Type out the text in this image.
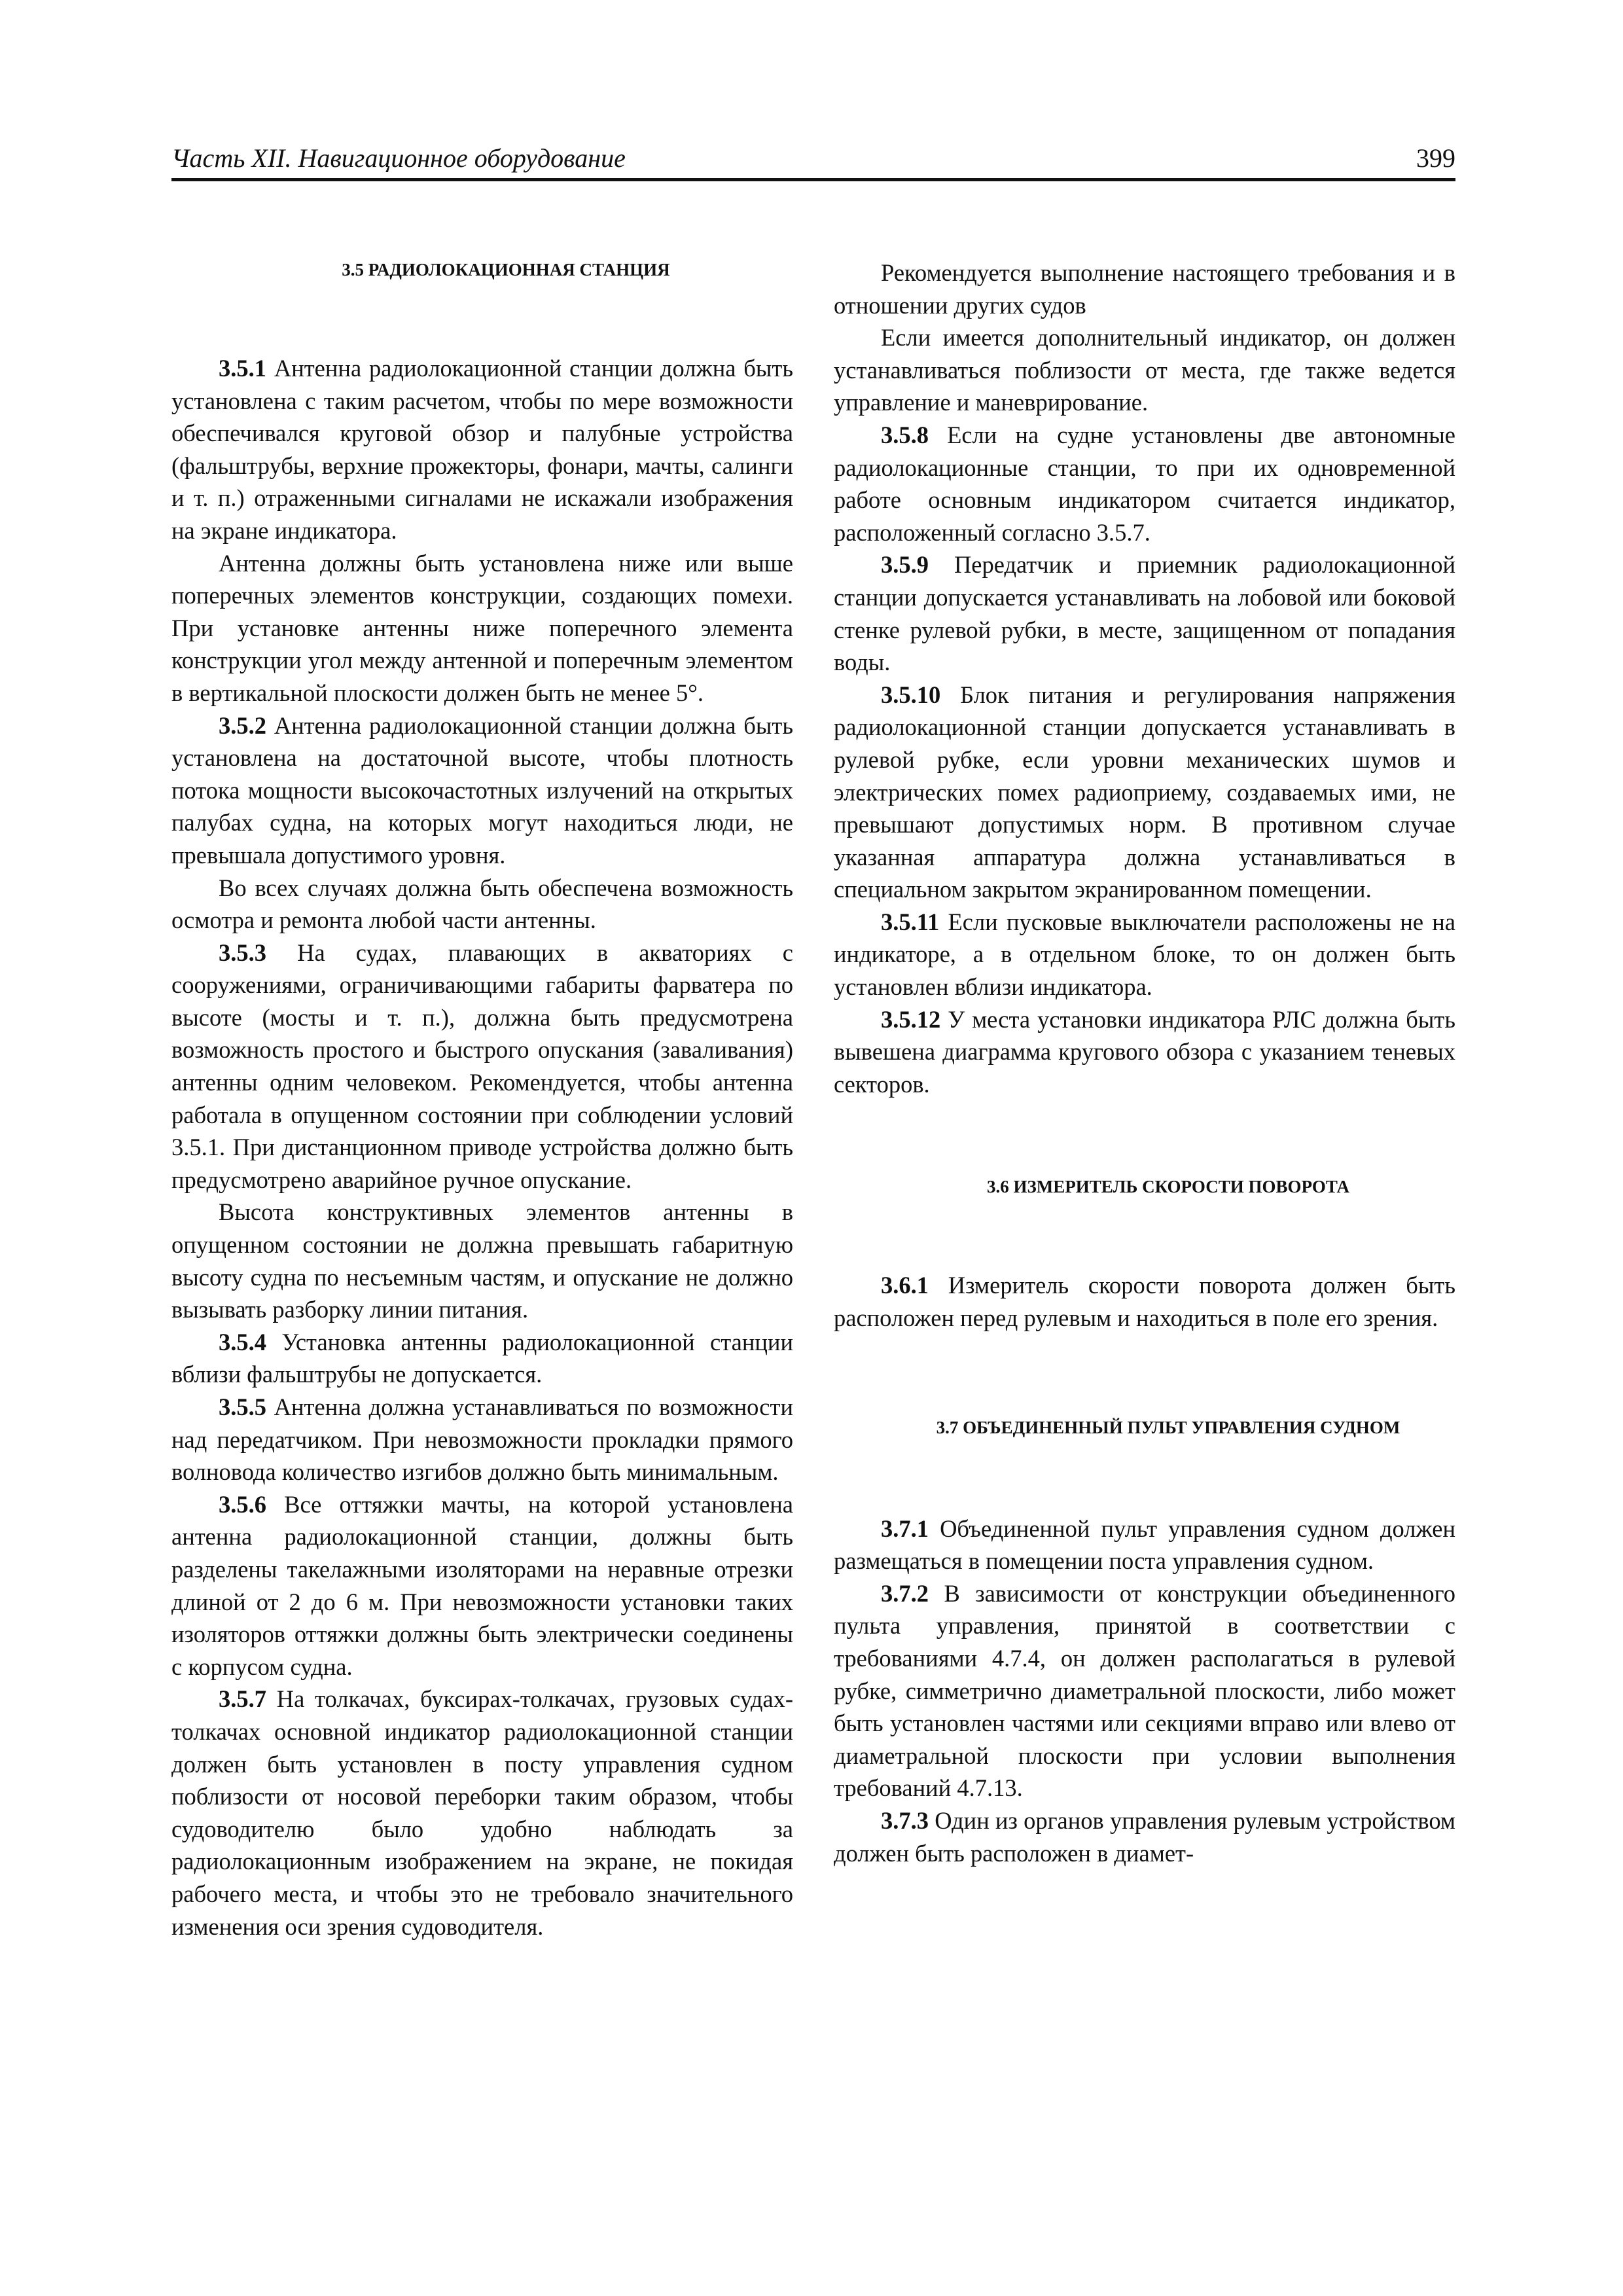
Часть XII. Навигационное оборудование	399

3.5 РАДИОЛОКАЦИОННАЯ СТАНЦИЯ

3.5.1 Антенна радиолокационной станции должна быть установлена с таким расчетом, чтобы по мере возможности обеспечивался круговой обзор и палубные устройства (фальштрубы, верхние прожекторы, фонари, мачты, салинги и т. п.) отраженными сигналами не искажали изображения на экране индикатора.

Антенна должны быть установлена ниже или выше поперечных элементов конструкции, создающих помехи. При установке антенны ниже поперечного элемента конструкции угол между антенной и поперечным элементом в вертикальной плоскости должен быть не менее 5°.

3.5.2 Антенна радиолокационной станции должна быть установлена на достаточной высоте, чтобы плотность потока мощности высокочастотных излучений на открытых палубах судна, на которых могут находиться люди, не превышала допустимого уровня.

Во всех случаях должна быть обеспечена возможность осмотра и ремонта любой части антенны.

3.5.3 На судах, плавающих в акваториях с сооружениями, ограничивающими габариты фарватера по высоте (мосты и т. п.), должна быть предусмотрена возможность простого и быстрого опускания (заваливания) антенны одним человеком. Рекомендуется, чтобы антенна работала в опущенном состоянии при соблюдении условий 3.5.1. При дистанционном приводе устройства должно быть предусмотрено аварийное ручное опускание.

Высота конструктивных элементов антенны в опущенном состоянии не должна превышать габаритную высоту судна по несъемным частям, и опускание не должно вызывать разборку линии питания.

3.5.4 Установка антенны радиолокационной станции вблизи фальштрубы не допускается.

3.5.5 Антенна должна устанавливаться по возможности над передатчиком. При невозможности прокладки прямого волновода количество изгибов должно быть минимальным.

3.5.6 Все оттяжки мачты, на которой установлена антенна радиолокационной станции, должны быть разделены такелажными изоляторами на неравные отрезки длиной от 2 до 6 м. При невозможности установки таких изоляторов оттяжки должны быть электрически соединены с корпусом судна.

3.5.7 На толкачах, буксирах-толкачах, грузовых судах-толкачах основной индикатор радиолокационной станции должен быть установлен в посту управления судном поблизости от носовой переборки таким образом, чтобы судоводителю было удобно наблюдать за радиолокационным изображением на экране, не покидая рабочего места, и чтобы это не требовало значительного изменения оси зрения судоводителя.

Рекомендуется выполнение настоящего требования и в отношении других судов

Если имеется дополнительный индикатор, он должен устанавливаться поблизости от места, где также ведется управление и маневрирование.

3.5.8 Если на судне установлены две автономные радиолокационные станции, то при их одновременной работе основным индикатором считается индикатор, расположенный согласно 3.5.7.

3.5.9 Передатчик и приемник радиолокационной станции допускается устанавливать на лобовой или боковой стенке рулевой рубки, в месте, защищенном от попадания воды.

3.5.10 Блок питания и регулирования напряжения радиолокационной станции допускается устанавливать в рулевой рубке, если уровни механических шумов и электрических помех радиоприему, создаваемых ими, не превышают допустимых норм. В противном случае указанная аппаратура должна устанавливаться в специальном закрытом экранированном помещении.

3.5.11 Если пусковые выключатели расположены не на индикаторе, а в отдельном блоке, то он должен быть установлен вблизи индикатора.

3.5.12 У места установки индикатора РЛС должна быть вывешена диаграмма кругового обзора с указанием теневых секторов.

3.6 ИЗМЕРИТЕЛЬ СКОРОСТИ ПОВОРОТА

3.6.1 Измеритель скорости поворота должен быть расположен перед рулевым и находиться в поле его зрения.

3.7 ОБЪЕДИНЕННЫЙ ПУЛЬТ УПРАВЛЕНИЯ СУДНОМ

3.7.1 Объединенной пульт управления судном должен размещаться в помещении поста управления судном.

3.7.2 В зависимости от конструкции объединенного пульта управления, принятой в соответствии с требованиями 4.7.4, он должен располагаться в рулевой рубке, симметрично диаметральной плоскости, либо может быть установлен частями или секциями вправо или влево от диаметральной плоскости при условии выполнения требований 4.7.13.

3.7.3 Один из органов управления рулевым устройством должен быть расположен в диамет-
